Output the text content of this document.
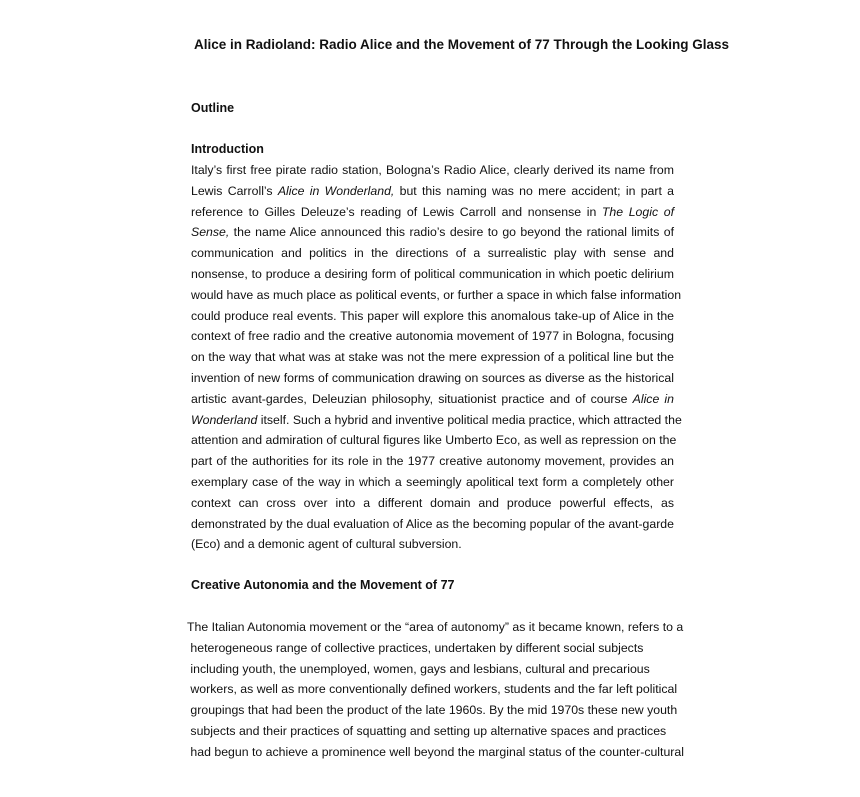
Alice in Radioland: Radio Alice and the Movement of 77 Through the Looking Glass
Outline
Introduction
Italy’s first free pirate radio station, Bologna’s Radio Alice, clearly derived its name from
Lewis Carroll’s Alice in Wonderland, but this naming was no mere accident; in part a
reference to Gilles Deleuze’s reading of Lewis Carroll and nonsense in The Logic of
Sense, the name Alice announced this radio’s desire to go beyond the rational limits of
communication and politics in the directions of a surrealistic play with sense and
nonsense, to produce a desiring form of political communication in which poetic delirium
would have as much place as political events, or further a space in which false information
could produce real events. This paper will explore this anomalous take-up of Alice in the
context of free radio and the creative autonomia movement of 1977 in Bologna, focusing
on the way that what was at stake was not the mere expression of a political line but the
invention of new forms of communication drawing on sources as diverse as the historical
artistic avant-gardes, Deleuzian philosophy, situationist practice and of course Alice in
Wonderland itself. Such a hybrid and inventive political media practice, which attracted the
attention and admiration of cultural figures like Umberto Eco, as well as repression on the
part of the authorities for its role in the 1977 creative autonomy movement, provides an
exemplary case of the way in which a seemingly apolitical text form a completely other
context can cross over into a different domain and produce powerful effects, as
demonstrated by the dual evaluation of Alice as the becoming popular of the avant-garde
(Eco) and a demonic agent of cultural subversion.
Creative Autonomia and the Movement of 77
The Italian Autonomia movement or the “area of autonomy” as it became known, refers to a
heterogeneous range of collective practices, undertaken by different social subjects
including youth, the unemployed, women, gays and lesbians, cultural and precarious
workers, as well as more conventionally defined workers, students and the far left political
groupings that had been the product of the late 1960s. By the mid 1970s these new youth
subjects and their practices of squatting and setting up alternative spaces and practices
had begun to achieve a prominence well beyond the marginal status of the counter-cultural
